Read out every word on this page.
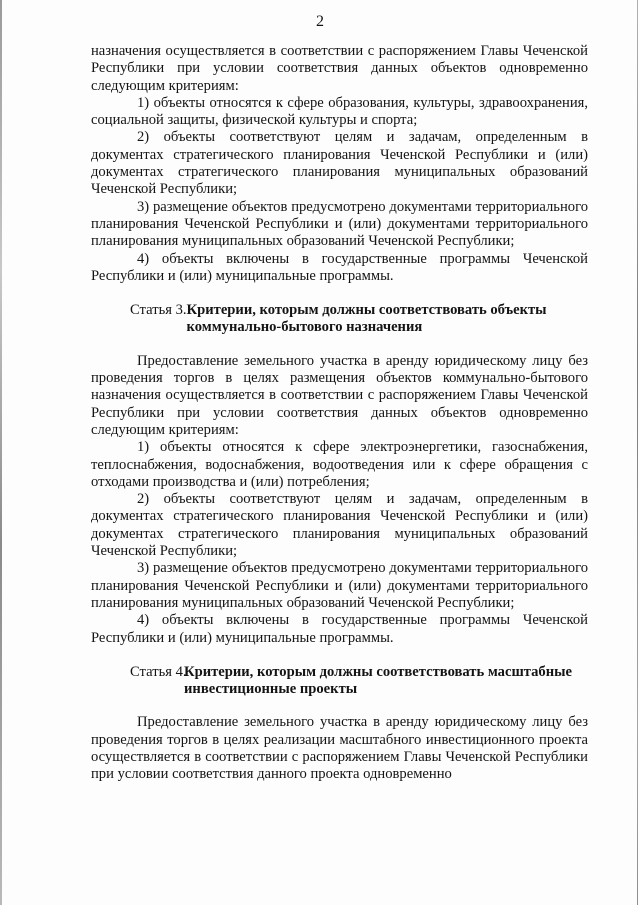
2

назначения осуществляется в соответствии с распоряжением Главы Чеченской Республики при условии соответствия данных объектов одновременно следующим критериям:

1) объекты относятся к сфере образования, культуры, здравоохранения, социальной защиты, физической культуры и спорта;

2) объекты соответствуют целям и задачам, определенным в документах стратегического планирования Чеченской Республики и (или) документах стратегического планирования муниципальных образований Чеченской Республики;

3) размещение объектов предусмотрено документами территориального планирования Чеченской Республики и (или) документами территориального планирования муниципальных образований Чеченской Республики;

4) объекты включены в государственные программы Чеченской Республики и (или) муниципальные программы.

Статья 3. Критерии, которым должны соответствовать объекты коммунально-бытового назначения

Предоставление земельного участка в аренду юридическому лицу без проведения торгов в целях размещения объектов коммунально-бытового назначения осуществляется в соответствии с распоряжением Главы Чеченской Республики при условии соответствия данных объектов одновременно следующим критериям:

1) объекты относятся к сфере электроэнергетики, газоснабжения, теплоснабжения, водоснабжения, водоотведения или к сфере обращения с отходами производства и (или) потребления;

2) объекты соответствуют целям и задачам, определенным в документах стратегического планирования Чеченской Республики и (или) документах стратегического планирования муниципальных образований Чеченской Республики;

3) размещение объектов предусмотрено документами территориального планирования Чеченской Республики и (или) документами территориального планирования муниципальных образований Чеченской Республики;

4) объекты включены в государственные программы Чеченской Республики и (или) муниципальные программы.

Статья 4.
Критерии, которым должны соответствовать масштабные инвестиционные проекты

Предоставление земельного участка в аренду юридическому лицу без проведения торгов в целях реализации масштабного инвестиционного проекта осуществляется в соответствии с распоряжением Главы Чеченской Республики при условии соответствия данного проекта одновременно
